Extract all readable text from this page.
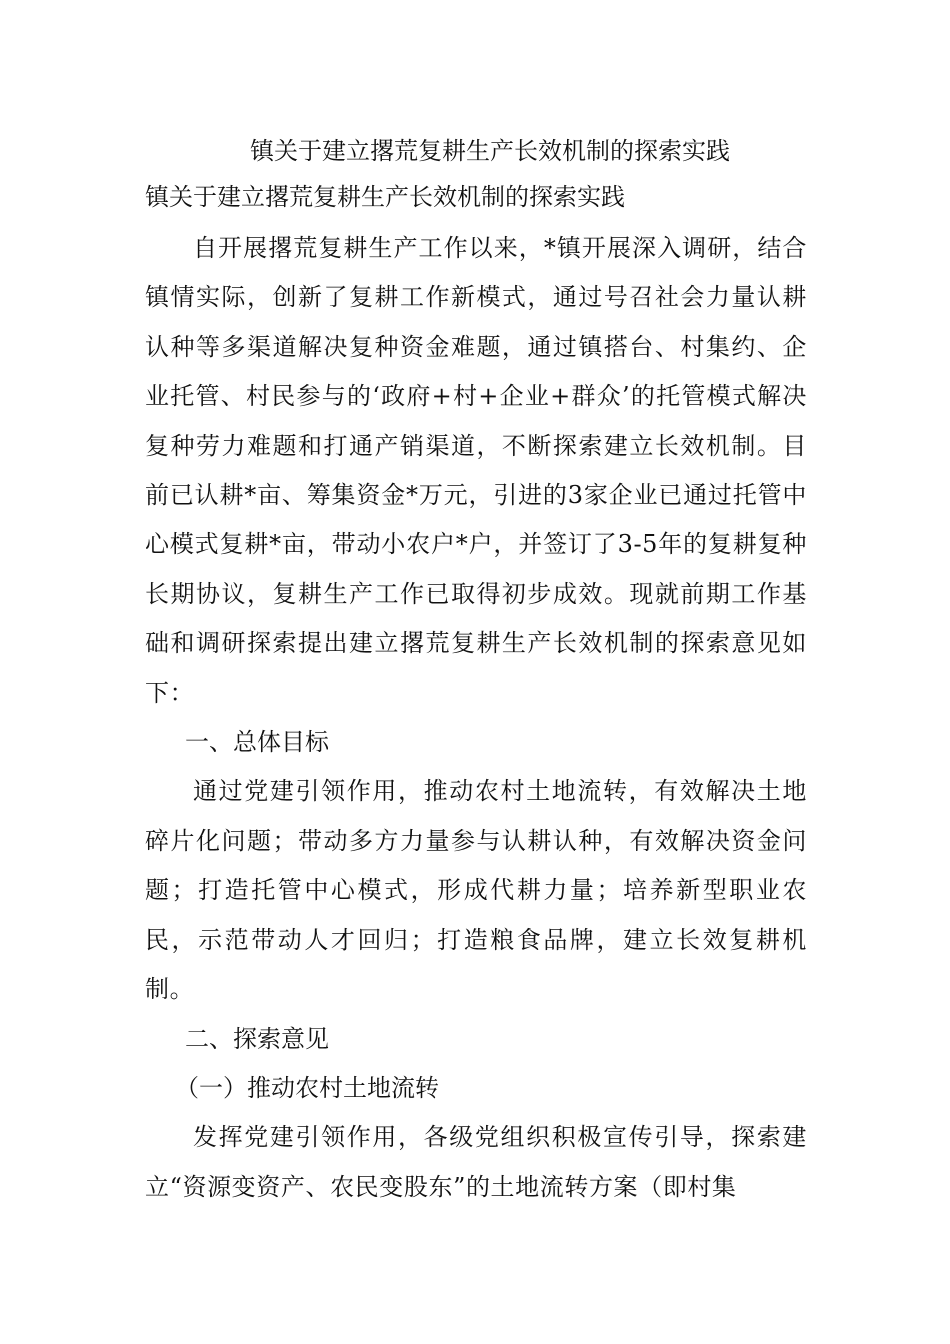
镇关于建立撂荒复耕生产长效机制的探索实践
镇关于建立撂荒复耕生产长效机制的探索实践

自开展撂荒复耕生产工作以来，*镇开展深入调研，结合镇情实际，创新了复耕工作新模式，通过号召社会力量认耕认种等多渠道解决复种资金难题，通过镇搭台、村集约、企业托管、村民参与的‘政府+村+企业+群众’的托管模式解决复种劳力难题和打通产销渠道，不断探索建立长效机制。目前已认耕*亩、筹集资金*万元，引进的3家企业已通过托管中心模式复耕*亩，带动小农户*户，并签订了3-5年的复耕复种长期协议，复耕生产工作已取得初步成效。现就前期工作基础和调研探索提出建立撂荒复耕生产长效机制的探索意见如下：

一、总体目标

通过党建引领作用，推动农村土地流转，有效解决土地碎片化问题；带动多方力量参与认耕认种，有效解决资金问题；打造托管中心模式，形成代耕力量；培养新型职业农民，示范带动人才回归；打造粮食品牌，建立长效复耕机制。

二、探索意见

（一）推动农村土地流转

发挥党建引领作用，各级党组织积极宣传引导，探索建立“资源变资产、农民变股东”的土地流转方案（即村集
